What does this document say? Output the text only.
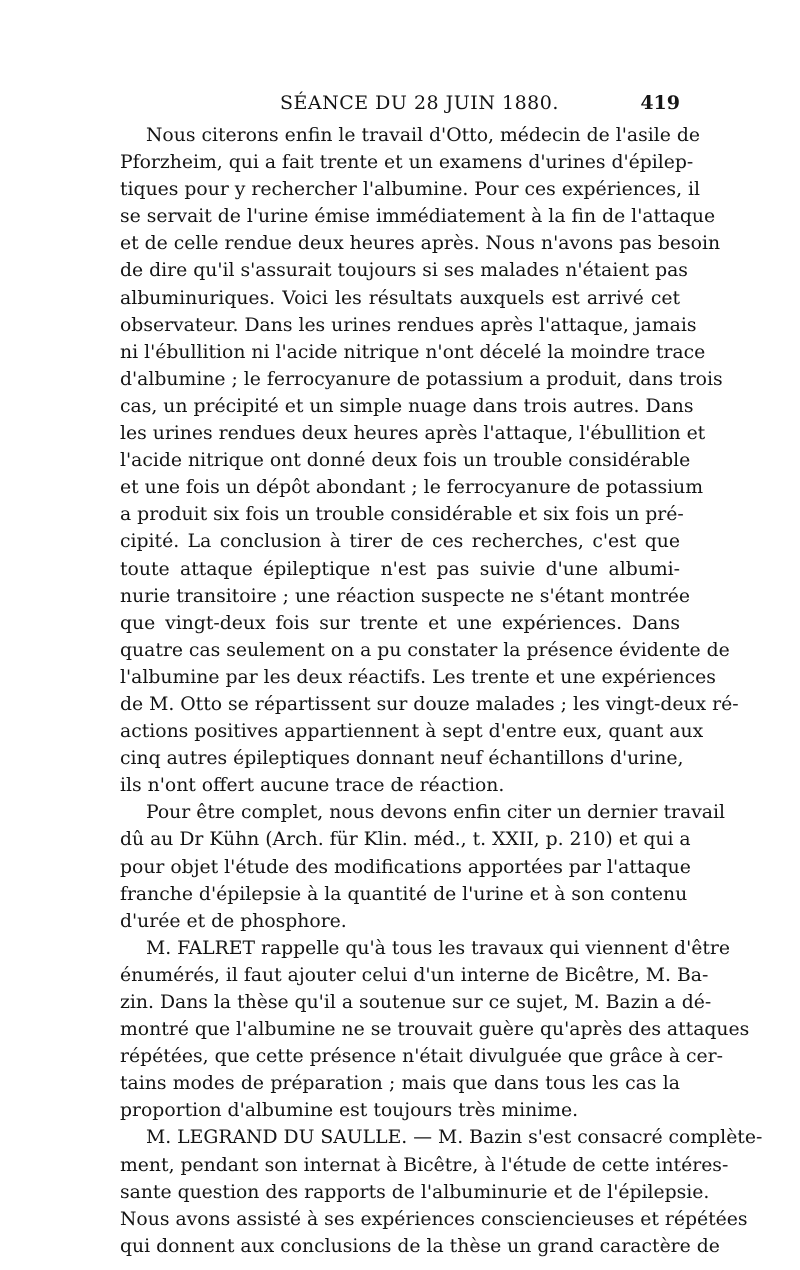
SÉANCE DU 28 JUIN 1880.	419
Nous citerons enfin le travail d'Otto, médecin de l'asile de
Pforzheim, qui a fait trente et un examens d'urines d'épilep-
tiques pour y rechercher l'albumine. Pour ces expériences, il
se servait de l'urine émise immédiatement à la fin de l'attaque
et de celle rendue deux heures après. Nous n'avons pas besoin
de dire qu'il s'assurait toujours si ses malades n'étaient pas
albuminuriques. Voici les résultats auxquels est arrivé cet
observateur. Dans les urines rendues après l'attaque, jamais
ni l'ébullition ni l'acide nitrique n'ont décelé la moindre trace
d'albumine ; le ferrocyanure de potassium a produit, dans trois
cas, un précipité et un simple nuage dans trois autres. Dans
les urines rendues deux heures après l'attaque, l'ébullition et
l'acide nitrique ont donné deux fois un trouble considérable
et une fois un dépôt abondant ; le ferrocyanure de potassium
a produit six fois un trouble considérable et six fois un pré-
cipité. La conclusion à tirer de ces recherches, c'est que
toute attaque épileptique n'est pas suivie d'une albumi-
nurie transitoire ; une réaction suspecte ne s'étant montrée
que vingt-deux fois sur trente et une expériences. Dans
quatre cas seulement on a pu constater la présence évidente de
l'albumine par les deux réactifs. Les trente et une expériences
de M. Otto se répartissent sur douze malades ; les vingt-deux ré-
actions positives appartiennent à sept d'entre eux, quant aux
cinq autres épileptiques donnant neuf échantillons d'urine,
ils n'ont offert aucune trace de réaction.
Pour être complet, nous devons enfin citer un dernier travail
dû au Dr Kühn (Arch. für Klin. méd., t. XXII, p. 210) et qui a
pour objet l'étude des modifications apportées par l'attaque
franche d'épilepsie à la quantité de l'urine et à son contenu
d'urée et de phosphore.
M. FALRET rappelle qu'à tous les travaux qui viennent d'être
énumérés, il faut ajouter celui d'un interne de Bicêtre, M. Ba-
zin. Dans la thèse qu'il a soutenue sur ce sujet, M. Bazin a dé-
montré que l'albumine ne se trouvait guère qu'après des attaques
répétées, que cette présence n'était divulguée que grâce à cer-
tains modes de préparation ; mais que dans tous les cas la
proportion d'albumine est toujours très minime.
M. LEGRAND DU SAULLE. — M. Bazin s'est consacré complète-
ment, pendant son internat à Bicêtre, à l'étude de cette intéres-
sante question des rapports de l'albuminurie et de l'épilepsie.
Nous avons assisté à ses expériences consciencieuses et répétées
qui donnent aux conclusions de la thèse un grand caractère de
